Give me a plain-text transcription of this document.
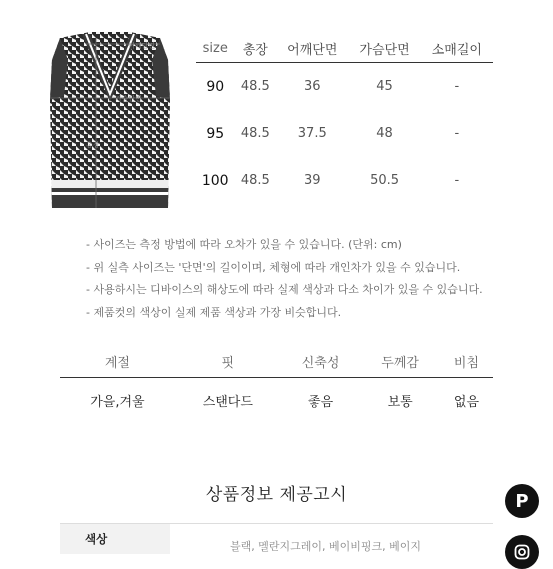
어깨단면
가슴단면
총장
size	총장	어깨단면	가슴단면	소매길이
90	48.5	36	45	-
95	48.5	37.5	48	-
100	48.5	39	50.5	-
- 사이즈는 측정 방법에 따라 오차가 있을 수 있습니다. (단위: cm)
- 위 실측 사이즈는 '단면'의 길이이며, 체형에 따라 개인차가 있을 수 있습니다.
- 사용하시는 디바이스의 해상도에 따라 실제 색상과 다소 차이가 있을 수 있습니다.
- 제품컷의 색상이 실제 제품 색상과 가장 비슷합니다.
계절	핏	신축성	두께감	비침
가을,겨울	스탠다드	좋음	보통	없음
상품정보 제공고시
색상
블랙, 멜란지그레이, 베이비핑크, 베이지
P
